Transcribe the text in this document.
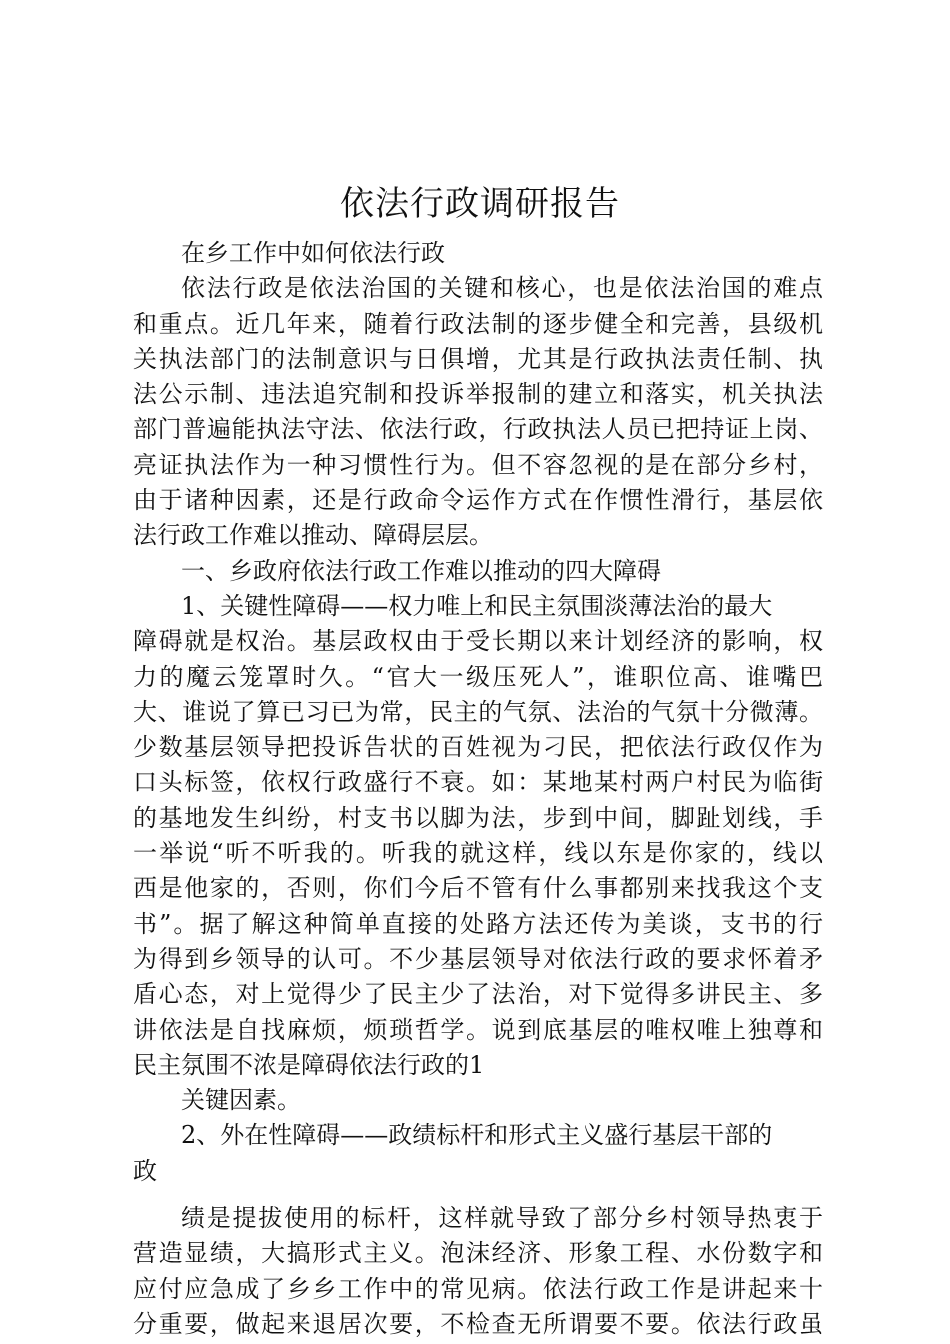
依法行政调研报告
在乡工作中如何依法行政
依法行政是依法治国的关键和核心，也是依法治国的难点
和重点。近几年来，随着行政法制的逐步健全和完善，县级机
关执法部门的法制意识与日俱增，尤其是行政执法责任制、执
法公示制、违法追究制和投诉举报制的建立和落实，机关执法
部门普遍能执法守法、依法行政，行政执法人员已把持证上岗、
亮证执法作为一种习惯性行为。但不容忽视的是在部分乡村，
由于诸种因素，还是行政命令运作方式在作惯性滑行，基层依
法行政工作难以推动、障碍层层。
一、乡政府依法行政工作难以推动的四大障碍
1、关键性障碍——权力唯上和民主氛围淡薄法治的最大
障碍就是权治。基层政权由于受长期以来计划经济的影响，权
力的魔云笼罩时久。“官大一级压死人”，谁职位高、谁嘴巴
大、谁说了算已习已为常，民主的气氛、法治的气氛十分微薄。
少数基层领导把投诉告状的百姓视为刁民，把依法行政仅作为
口头标签，依权行政盛行不衰。如：某地某村两户村民为临街
的基地发生纠纷，村支书以脚为法，步到中间，脚趾划线，手
一举说“听不听我的。听我的就这样，线以东是你家的，线以
西是他家的，否则，你们今后不管有什么事都别来找我这个支
书”。据了解这种简单直接的处路方法还传为美谈，支书的行
为得到乡领导的认可。不少基层领导对依法行政的要求怀着矛
盾心态，对上觉得少了民主少了法治，对下觉得多讲民主、多
讲依法是自找麻烦，烦琐哲学。说到底基层的唯权唯上独尊和
民主氛围不浓是障碍依法行政的1
关键因素。
2、外在性障碍——政绩标杆和形式主义盛行基层干部的
政
绩是提拔使用的标杆，这样就导致了部分乡村领导热衷于
营造显绩，大搞形式主义。泡沫经济、形象工程、水份数字和
应付应急成了乡乡工作中的常见病。依法行政工作是讲起来十
分重要，做起来退居次要，不检查无所谓要不要。依法行政虽
